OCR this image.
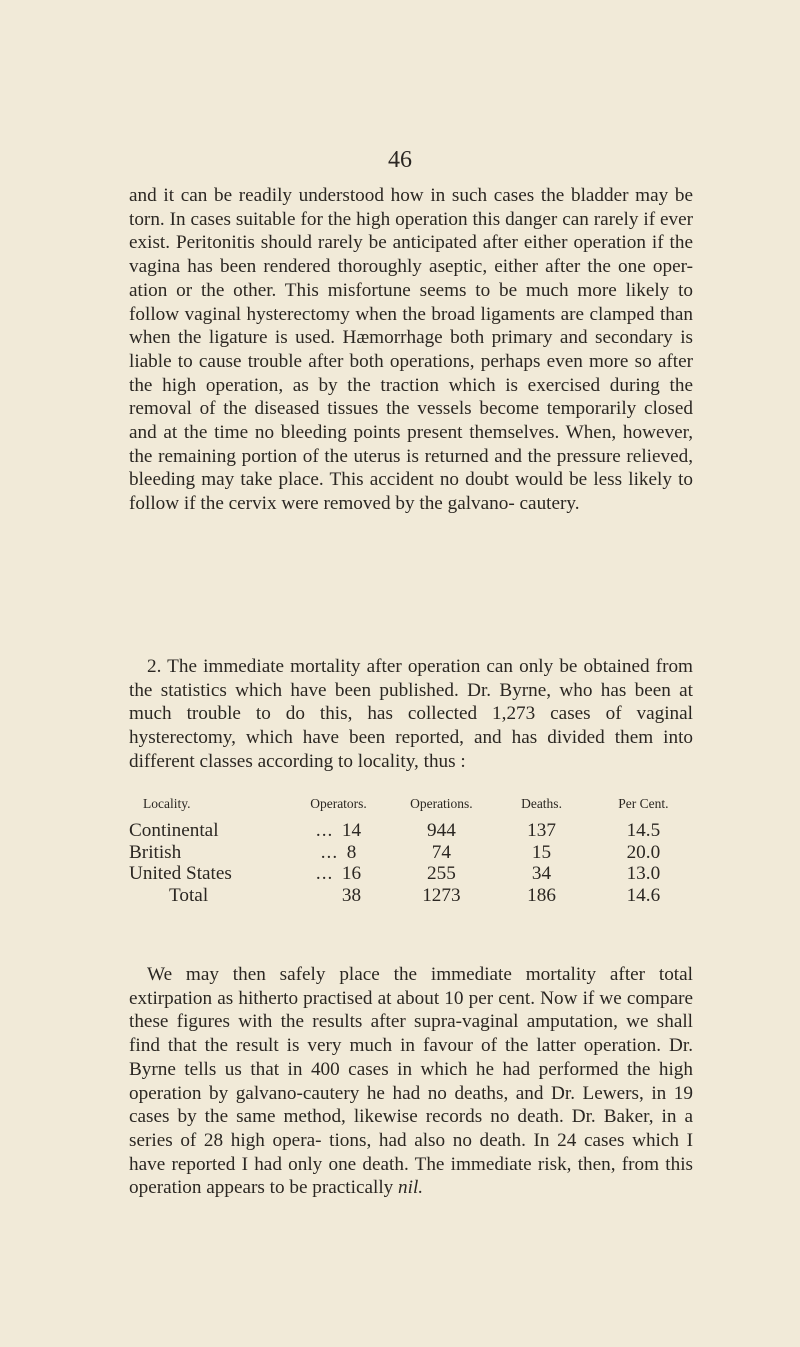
46

and it can be readily understood how in such cases the bladder may be torn. In cases suitable for the high operation this danger can rarely if ever exist. Peritonitis should rarely be anticipated after either operation if the vagina has been rendered thoroughly aseptic, either after the one oper- ation or the other. This misfortune seems to be much more likely to follow vaginal hysterectomy when the broad ligaments are clamped than when the ligature is used. Hæmorrhage both primary and secondary is liable to cause trouble after both operations, perhaps even more so after the high operation, as by the traction which is exercised during the removal of the diseased tissues the vessels become temporarily closed and at the time no bleeding points present themselves. When, however, the remaining portion of the uterus is returned and the pressure relieved, bleeding may take place. This accident no doubt would be less likely to follow if the cervix were removed by the galvano- cautery.

2. The immediate mortality after operation can only be obtained from the statistics which have been published. Dr. Byrne, who has been at much trouble to do this, has collected 1,273 cases of vaginal hysterectomy, which have been reported, and has divided them into different classes according to locality, thus :

Locality.	Operators.	Operations.	Deaths.	Per Cent.
Continental	... 14	944	137	14.5
British	... 8	74	15	20.0
United States	... 16	255	34	13.0
Total	38	1273	186	14.6

We may then safely place the immediate mortality after total extirpation as hitherto practised at about 10 per cent. Now if we compare these figures with the results after supra-vaginal amputation, we shall find that the result is very much in favour of the latter operation. Dr. Byrne tells us that in 400 cases in which he had performed the high operation by galvano-cautery he had no deaths, and Dr. Lewers, in 19 cases by the same method, likewise records no death. Dr. Baker, in a series of 28 high opera- tions, had also no death. In 24 cases which I have reported I had only one death. The immediate risk, then, from this operation appears to be practically nil.
